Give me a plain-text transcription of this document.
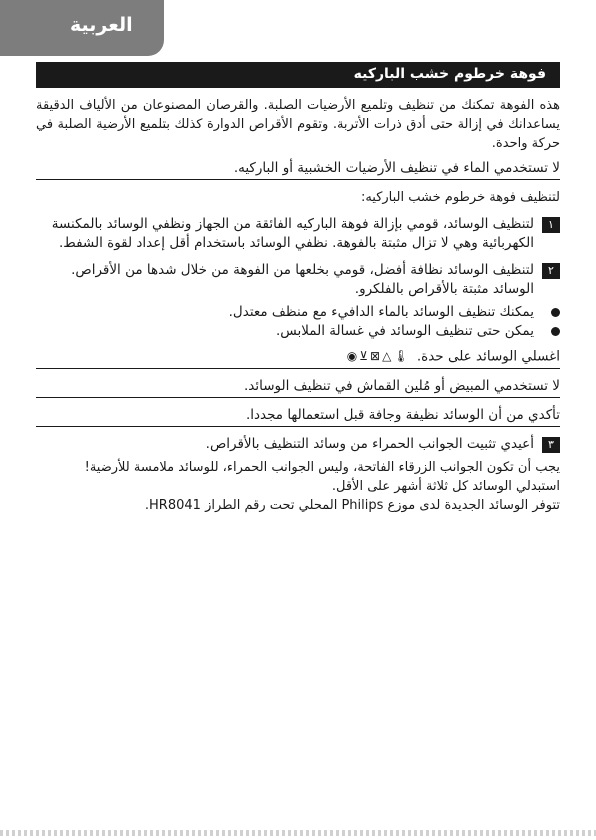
العربية
فوهة خرطوم خشب الباركيه

هذه الفوهة تمكنك من تنظيف وتلميع الأرضيات الصلبة. والقرصان المصنوعان من الألياف الدقيقة يساعدانك في إزالة حتى أدق ذرات الأتربة. وتقوم الأقراص الدوارة كذلك بتلميع الأرضية الصلبة في حركة واحدة.

لا تستخدمي الماء في تنظيف الأرضيات الخشبية أو الباركيه.

لتنظيف فوهة خرطوم خشب الباركيه:

١
لتنظيف الوسائد، قومي بإزالة فوهة الباركيه الفائقة من الجهاز ونظفي الوسائد بالمكنسة الكهربائية وهي لا تزال مثبتة بالفوهة. نظفي الوسائد باستخدام أقل إعداد لقوة الشفط.
٢
لتنظيف الوسائد نظافة أفضل، قومي بخلعها من الفوهة من خلال شدها من الأقراص. الوسائد مثبتة بالأقراص بالفلكرو.
يمكنك تنظيف الوسائد بالماء الدافيء مع منظف معتدل.
يمكن حتى تنظيف الوسائد في غسالة الملابس.
اغسلي الوسائد على حدة.
🌡
△
⊠
⊻
◉
لا تستخدمي المبيض أو مُلين القماش في تنظيف الوسائد.
تأكدي من أن الوسائد نظيفة وجافة قبل استعمالها مجددا.
٣
أعيدي تثبيت الجوانب الحمراء من وسائد التنظيف بالأقراص.

يجب أن تكون الجوانب الزرقاء الفاتحة، وليس الجوانب الحمراء، للوسائد ملامسة للأرضية!

استبدلي الوسائد كل ثلاثة أشهر على الأقل.

تتوفر الوسائد الجديدة لدى موزع Philips المحلي تحت رقم الطراز HR8041.
